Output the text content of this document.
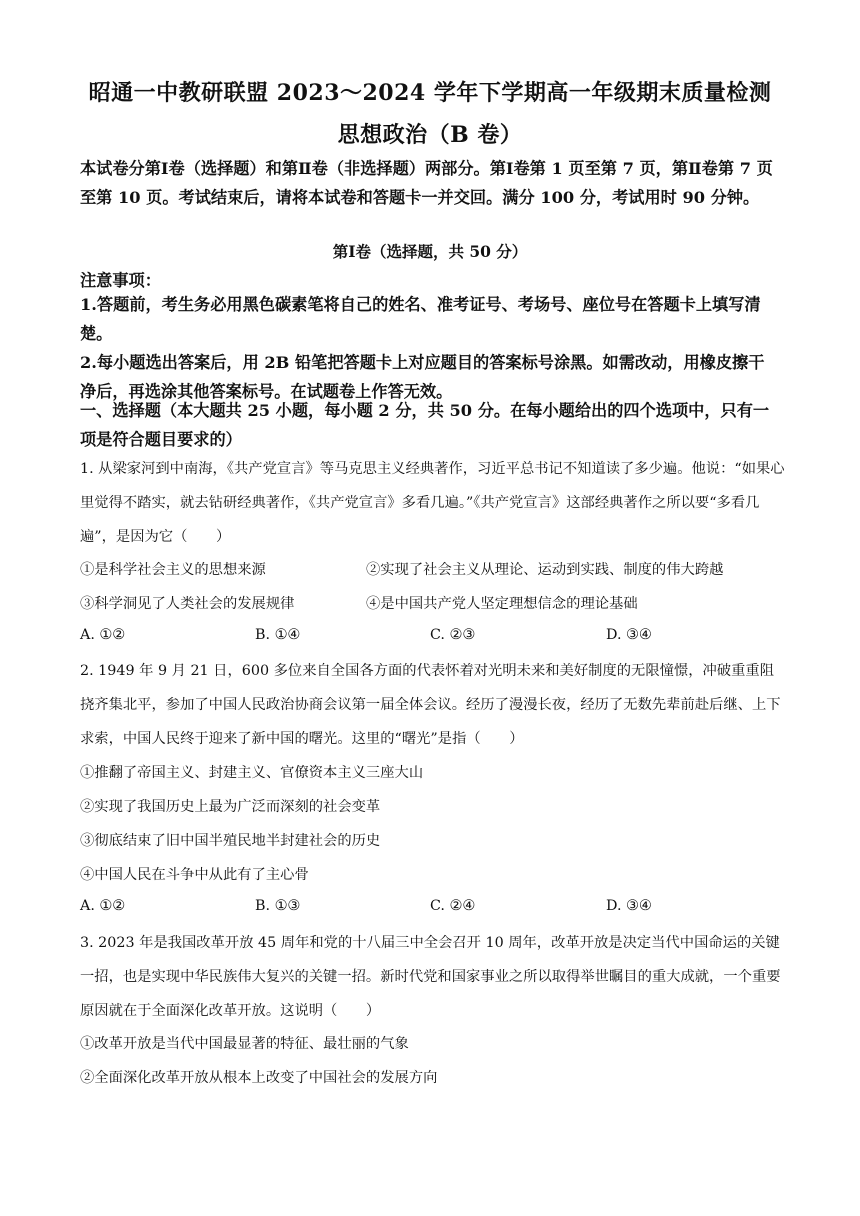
昭通一中教研联盟 2023～2024 学年下学期高一年级期末质量检测
思想政治（B 卷）
本试卷分第Ⅰ卷（选择题）和第Ⅱ卷（非选择题）两部分。第Ⅰ卷第 1 页至第 7 页，第Ⅱ卷第 7 页至第 10 页。考试结束后，请将本试卷和答题卡一并交回。满分 100 分，考试用时 90 分钟。
第Ⅰ卷（选择题，共 50 分）
注意事项：
1.答题前，考生务必用黑色碳素笔将自己的姓名、准考证号、考场号、座位号在答题卡上填写清楚。
2.每小题选出答案后，用 2B 铅笔把答题卡上对应题目的答案标号涂黑。如需改动，用橡皮擦干净后，再选涂其他答案标号。在试题卷上作答无效。
一、选择题（本大题共 25 小题，每小题 2 分，共 50 分。在每小题给出的四个选项中，只有一项是符合题目要求的）
1. 从梁家河到中南海，《共产党宣言》等马克思主义经典著作，习近平总书记不知道读了多少遍。他说：“如果心里觉得不踏实，就去钻研经典著作，《共产党宣言》多看几遍。”《共产党宣言》这部经典著作之所以要“多看几遍”，是因为它（　　）
①是科学社会主义的思想来源	②实现了社会主义从理论、运动到实践、制度的伟大跨越
③科学洞见了人类社会的发展规律	④是中国共产党人坚定理想信念的理论基础
A. ①②	B. ①④	C. ②③	D. ③④
2. 1949 年 9 月 21 日，600 多位来自全国各方面的代表怀着对光明未来和美好制度的无限憧憬，冲破重重阻挠齐集北平，参加了中国人民政治协商会议第一届全体会议。经历了漫漫长夜，经历了无数先辈前赴后继、上下求索，中国人民终于迎来了新中国的曙光。这里的“曙光”是指（　　）
①推翻了帝国主义、封建主义、官僚资本主义三座大山
②实现了我国历史上最为广泛而深刻的社会变革
③彻底结束了旧中国半殖民地半封建社会的历史
④中国人民在斗争中从此有了主心骨
A. ①②	B. ①③	C. ②④	D. ③④
3. 2023 年是我国改革开放 45 周年和党的十八届三中全会召开 10 周年，改革开放是决定当代中国命运的关键一招，也是实现中华民族伟大复兴的关键一招。新时代党和国家事业之所以取得举世瞩目的重大成就，一个重要原因就在于全面深化改革开放。这说明（　　）
①改革开放是当代中国最显著的特征、最壮丽的气象
②全面深化改革开放从根本上改变了中国社会的发展方向
